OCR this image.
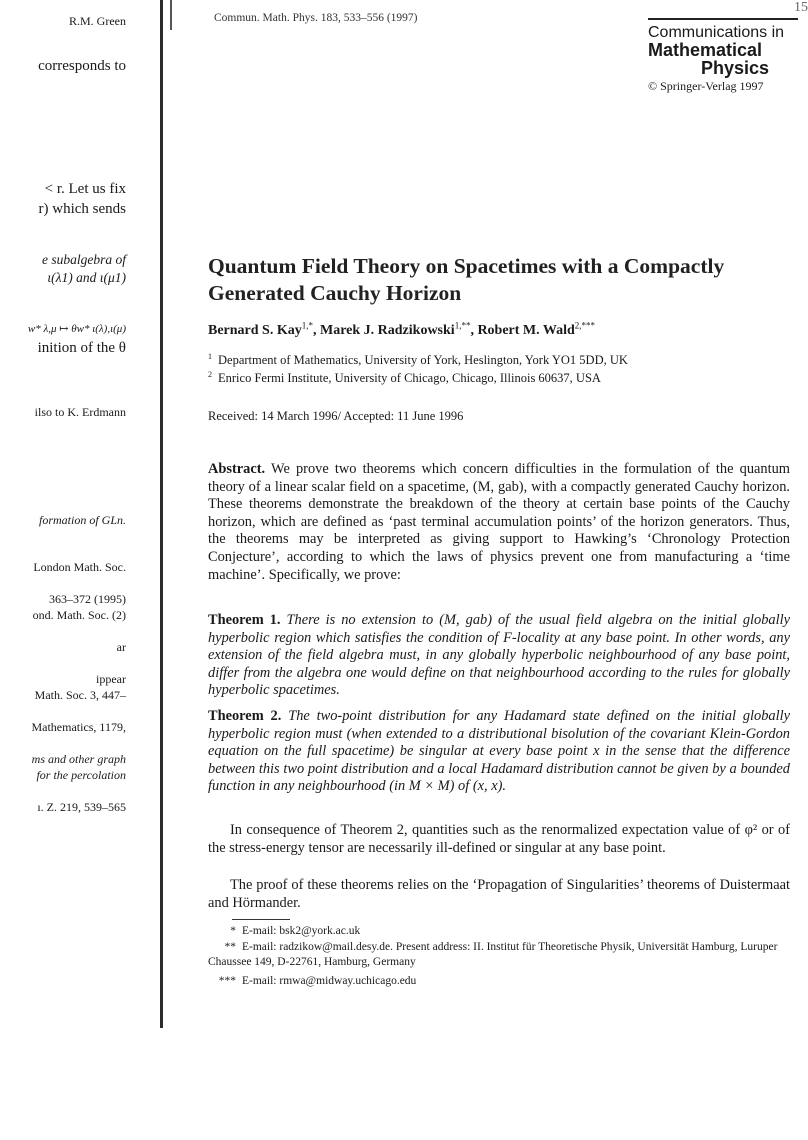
R.M. Green
corresponds to
< r. Let us fix
r) which sends
e subalgebra of
ι(λ1) and ι(μ1)
w* λ,μ ↦ θw* ι(λ),ι(μ)
inition of the θ
ilso to K. Erdmann
formation of GLn.
London Math. Soc.
363–372 (1995)
ond. Math. Soc. (2)
ar
ippear
Math. Soc. 3, 447–
Mathematics, 1179,
ms and other graph
for the percolation
ı. Z. 219, 539–565
Commun. Math. Phys. 183, 533–556 (1997)
15
Communications in
Mathematical
Physics
© Springer-Verlag 1997
Quantum Field Theory on Spacetimes with a Compactly Generated Cauchy Horizon
Bernard S. Kay$^{1,*}$, Marek J. Radzikowski$^{1,**}$, Robert M. Wald$^{2,***}$
$^1$ Department of Mathematics, University of York, Heslington, York YO1 5DD, UK
$^2$ Enrico Fermi Institute, University of Chicago, Chicago, Illinois 60637, USA
Received: 14 March 1996/ Accepted: 11 June 1996
Abstract. We prove two theorems which concern difficulties in the formulation of the quantum theory of a linear scalar field on a spacetime, (M, gab), with a compactly generated Cauchy horizon. These theorems demonstrate the breakdown of the theory at certain base points of the Cauchy horizon, which are defined as ‘past terminal accumulation points’ of the horizon generators. Thus, the theorems may be interpreted as giving support to Hawking’s ‘Chronology Protection Conjecture’, according to which the laws of physics prevent one from manufacturing a ‘time machine’. Specifically, we prove:
Theorem 1. There is no extension to (M, gab) of the usual field algebra on the initial globally hyperbolic region which satisfies the condition of F-locality at any base point. In other words, any extension of the field algebra must, in any globally hyperbolic neighbourhood of any base point, differ from the algebra one would define on that neighbourhood according to the rules for globally hyperbolic spacetimes.
Theorem 2. The two-point distribution for any Hadamard state defined on the initial globally hyperbolic region must (when extended to a distributional bisolution of the covariant Klein-Gordon equation on the full spacetime) be singular at every base point x in the sense that the difference between this two point distribution and a local Hadamard distribution cannot be given by a bounded function in any neighbourhood (in M × M) of (x, x).
In consequence of Theorem 2, quantities such as the renormalized expectation value of φ² or of the stress-energy tensor are necessarily ill-defined or singular at any base point.
The proof of these theorems relies on the ‘Propagation of Singularities’ theorems of Duistermaat and Hörmander.
* E-mail: bsk2@york.ac.uk
** E-mail: radzikow@mail.desy.de. Present address: II. Institut für Theoretische Physik, Universität Hamburg, Luruper Chaussee 149, D-22761, Hamburg, Germany
*** E-mail: rmwa@midway.uchicago.edu
